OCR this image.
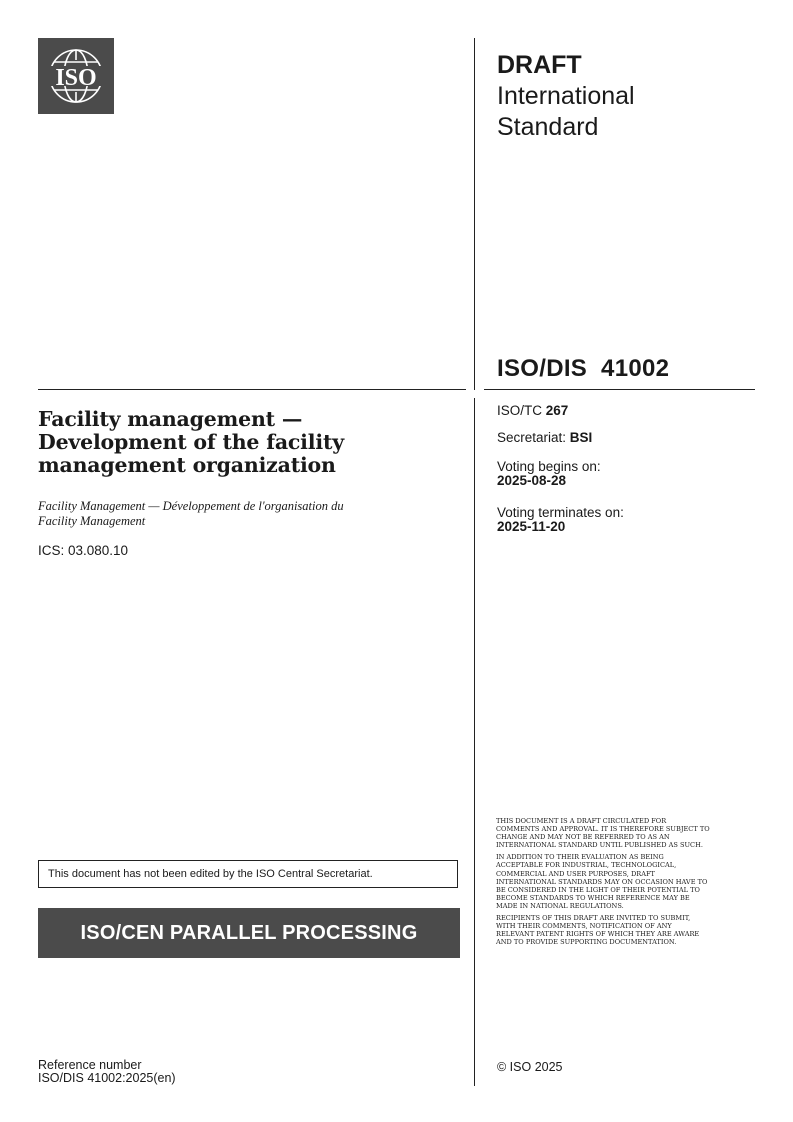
ISO	DRAFT
International
Standard
ISO/DIS  41002
Facility management —
Development of the facility
management organization
Facility Management — Développement de l'organisation du
Facility Management
ICS: 03.080.10
ISO/TC 267
Secretariat: BSI
Voting begins on:
2025-08-28
Voting terminates on:
2025-11-20
This document has not been edited by the ISO Central Secretariat.
ISO/CEN PARALLEL PROCESSING

THIS DOCUMENT IS A DRAFT CIRCULATED FOR COMMENTS AND APPROVAL. IT IS THEREFORE SUBJECT TO CHANGE AND MAY NOT BE REFERRED TO AS AN INTERNATIONAL STANDARD UNTIL PUBLISHED AS SUCH.

IN ADDITION TO THEIR EVALUATION AS BEING ACCEPTABLE FOR INDUSTRIAL, TECHNOLOGICAL, COMMERCIAL AND USER PURPOSES, DRAFT INTERNATIONAL STANDARDS MAY ON OCCASION HAVE TO BE CONSIDERED IN THE LIGHT OF THEIR POTENTIAL TO BECOME STANDARDS TO WHICH REFERENCE MAY BE MADE IN NATIONAL REGULATIONS.

RECIPIENTS OF THIS DRAFT ARE INVITED TO SUBMIT, WITH THEIR COMMENTS, NOTIFICATION OF ANY RELEVANT PATENT RIGHTS OF WHICH THEY ARE AWARE AND TO PROVIDE SUPPORTING DOCUMENTATION.

Reference number
ISO/DIS 41002:2025(en)
© ISO 2025
